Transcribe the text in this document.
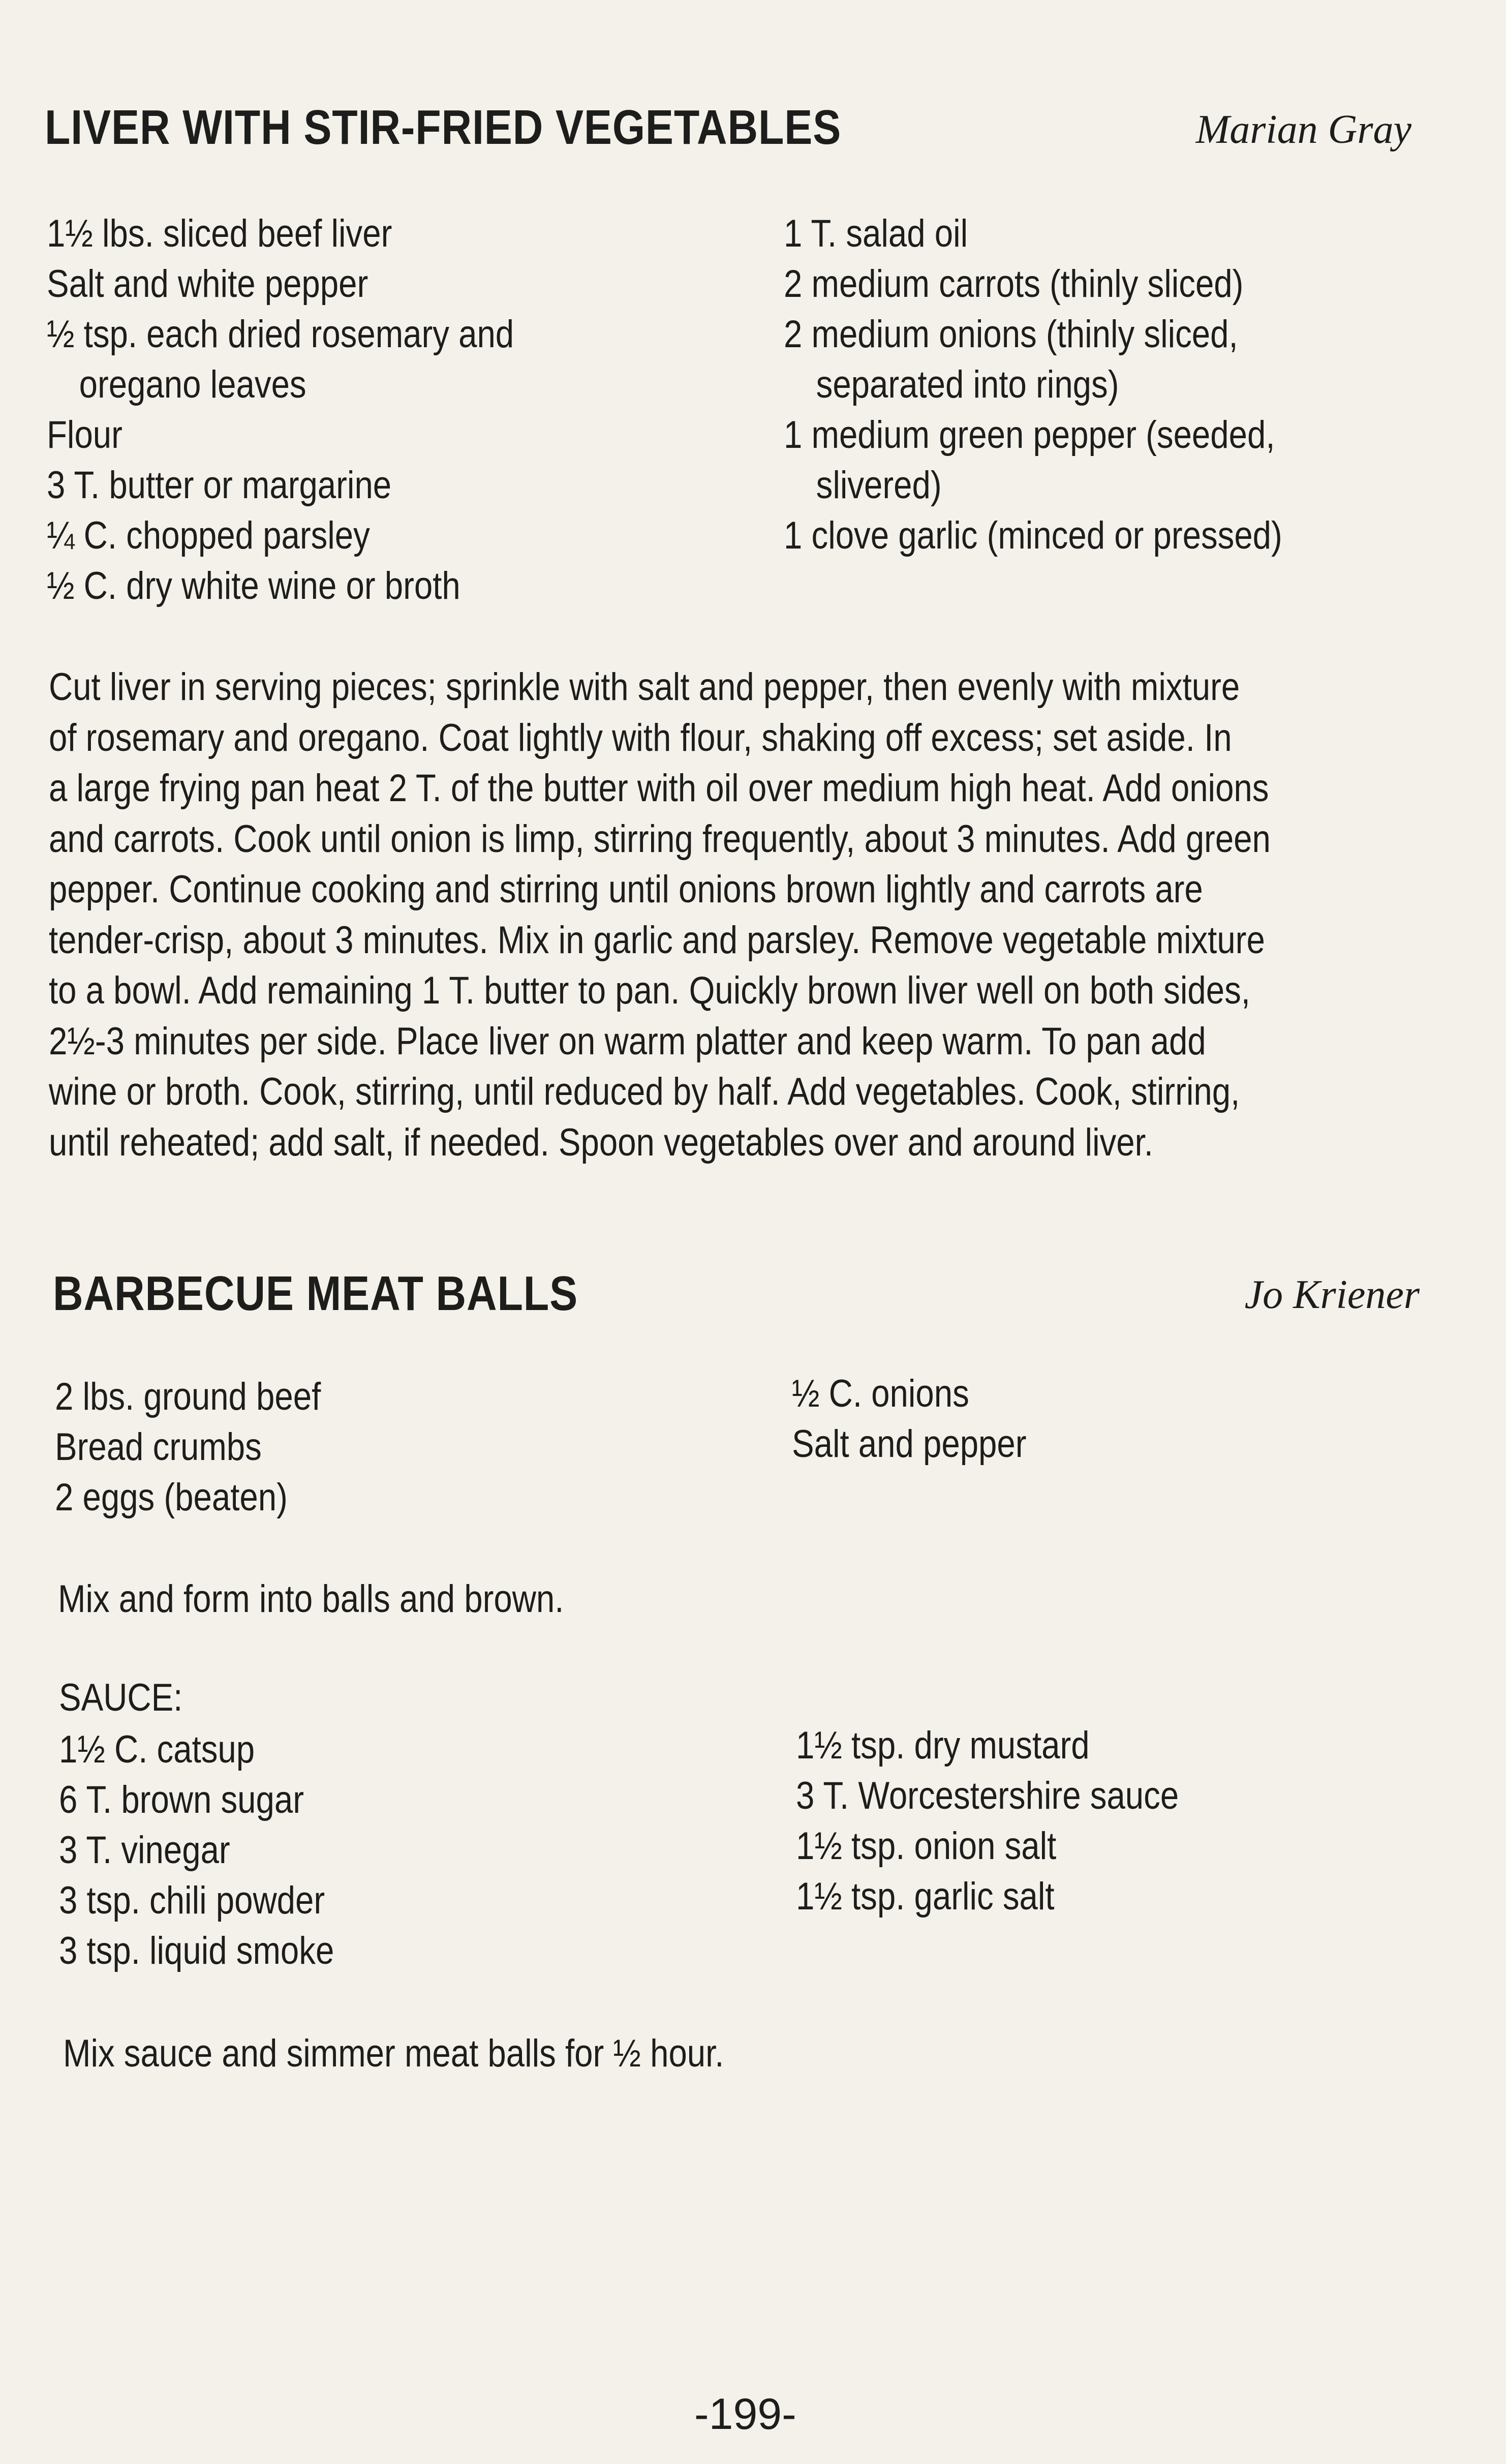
LIVER WITH STIR-FRIED VEGETABLES	Marian Gray
1½ lbs. sliced beef liver
Salt and white pepper
½ tsp. each dried rosemary and
oregano leaves
Flour
3 T. butter or margarine
¼ C. chopped parsley
½ C. dry white wine or broth
1 T. salad oil
2 medium carrots (thinly sliced)
2 medium onions (thinly sliced,
separated into rings)
1 medium green pepper (seeded,
slivered)
1 clove garlic (minced or pressed)
Cut liver in serving pieces; sprinkle with salt and pepper, then evenly with mixture
of rosemary and oregano. Coat lightly with flour, shaking off excess; set aside. In
a large frying pan heat 2 T. of the butter with oil over medium high heat. Add onions
and carrots. Cook until onion is limp, stirring frequently, about 3 minutes. Add green
pepper. Continue cooking and stirring until onions brown lightly and carrots are
tender-crisp, about 3 minutes. Mix in garlic and parsley. Remove vegetable mixture
to a bowl. Add remaining 1 T. butter to pan. Quickly brown liver well on both sides,
2½-3 minutes per side. Place liver on warm platter and keep warm. To pan add
wine or broth. Cook, stirring, until reduced by half. Add vegetables. Cook, stirring,
until reheated; add salt, if needed. Spoon vegetables over and around liver.
BARBECUE MEAT BALLS	Jo Kriener
2 lbs. ground beef
Bread crumbs
2 eggs (beaten)
½ C. onions
Salt and pepper
Mix and form into balls and brown.
SAUCE:
1½ C. catsup
6 T. brown sugar
3 T. vinegar
3 tsp. chili powder
3 tsp. liquid smoke
1½ tsp. dry mustard
3 T. Worcestershire sauce
1½ tsp. onion salt
1½ tsp. garlic salt
Mix sauce and simmer meat balls for ½ hour.
-199-
